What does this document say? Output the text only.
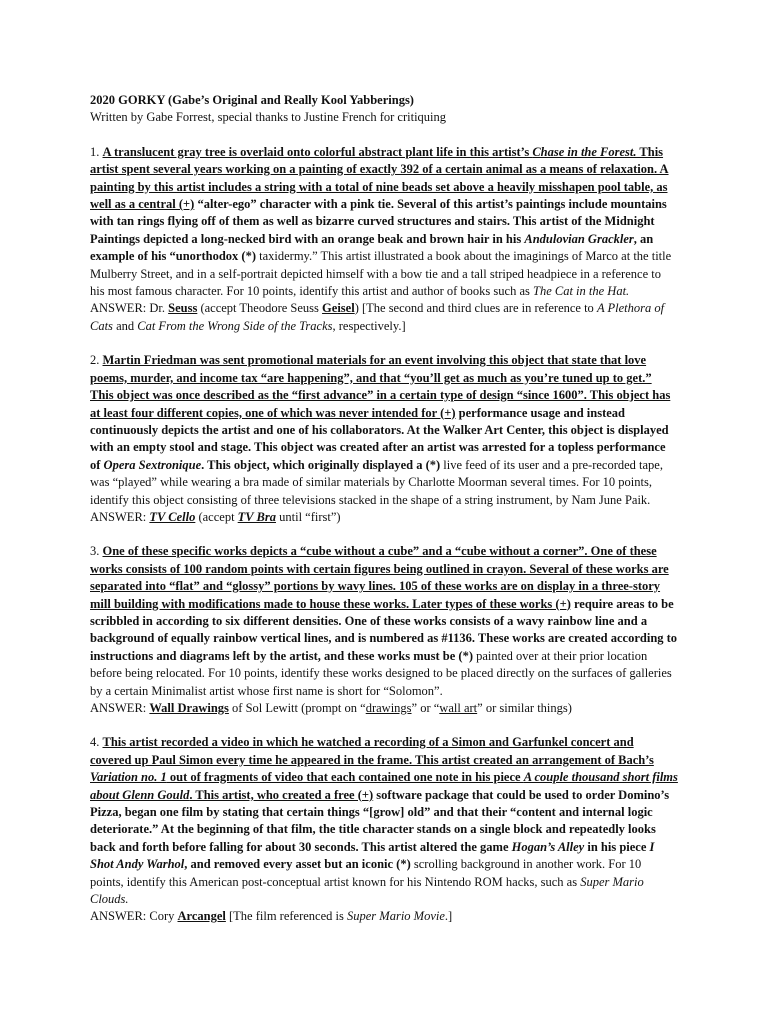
2020 GORKY (Gabe’s Original and Really Kool Yabberings)
Written by Gabe Forrest, special thanks to Justine French for critiquing
1. A translucent gray tree is overlaid onto colorful abstract plant life in this artist’s Chase in the Forest. This artist spent several years working on a painting of exactly 392 of a certain animal as a means of relaxation. A painting by this artist includes a string with a total of nine beads set above a heavily misshapen pool table, as well as a central (+) “alter-ego” character with a pink tie. Several of this artist’s paintings include mountains with tan rings flying off of them as well as bizarre curved structures and stairs. This artist of the Midnight Paintings depicted a long-necked bird with an orange beak and brown hair in his Andulovian Grackler, an example of his “unorthodox (*) taxidermy.” This artist illustrated a book about the imaginings of Marco at the title Mulberry Street, and in a self-portrait depicted himself with a bow tie and a tall striped headpiece in a reference to his most famous character. For 10 points, identify this artist and author of books such as The Cat in the Hat.
ANSWER: Dr. Seuss (accept Theodore Seuss Geisel) [The second and third clues are in reference to A Plethora of Cats and Cat From the Wrong Side of the Tracks, respectively.]
2. Martin Friedman was sent promotional materials for an event involving this object that state that love poems, murder, and income tax “are happening”, and that “you’ll get as much as you’re tuned up to get.” This object was once described as the “first advance” in a certain type of design “since 1600”. This object has at least four different copies, one of which was never intended for (+) performance usage and instead continuously depicts the artist and one of his collaborators. At the Walker Art Center, this object is displayed with an empty stool and stage. This object was created after an artist was arrested for a topless performance of Opera Sextronique. This object, which originally displayed a (*) live feed of its user and a pre-recorded tape, was “played” while wearing a bra made of similar materials by Charlotte Moorman several times. For 10 points, identify this object consisting of three televisions stacked in the shape of a string instrument, by Nam June Paik.
ANSWER: TV Cello (accept TV Bra until “first”)
3. One of these specific works depicts a “cube without a cube” and a “cube without a corner”. One of these works consists of 100 random points with certain figures being outlined in crayon. Several of these works are separated into “flat” and “glossy” portions by wavy lines. 105 of these works are on display in a three-story mill building with modifications made to house these works. Later types of these works (+) require areas to be scribbled in according to six different densities. One of these works consists of a wavy rainbow line and a background of equally rainbow vertical lines, and is numbered as #1136. These works are created according to instructions and diagrams left by the artist, and these works must be (*) painted over at their prior location before being relocated. For 10 points, identify these works designed to be placed directly on the surfaces of galleries by a certain Minimalist artist whose first name is short for “Solomon”.
ANSWER: Wall Drawings of Sol Lewitt (prompt on “drawings” or “wall art” or similar things)
4. This artist recorded a video in which he watched a recording of a Simon and Garfunkel concert and covered up Paul Simon every time he appeared in the frame. This artist created an arrangement of Bach’s Variation no. 1 out of fragments of video that each contained one note in his piece A couple thousand short films about Glenn Gould. This artist, who created a free (+) software package that could be used to order Domino’s Pizza, began one film by stating that certain things “[grow] old” and that their “content and internal logic deteriorate.” At the beginning of that film, the title character stands on a single block and repeatedly looks back and forth before falling for about 30 seconds. This artist altered the game Hogan’s Alley in his piece I Shot Andy Warhol, and removed every asset but an iconic (*) scrolling background in another work. For 10 points, identify this American post-conceptual artist known for his Nintendo ROM hacks, such as Super Mario Clouds.
ANSWER: Cory Arcangel [The film referenced is Super Mario Movie.]
